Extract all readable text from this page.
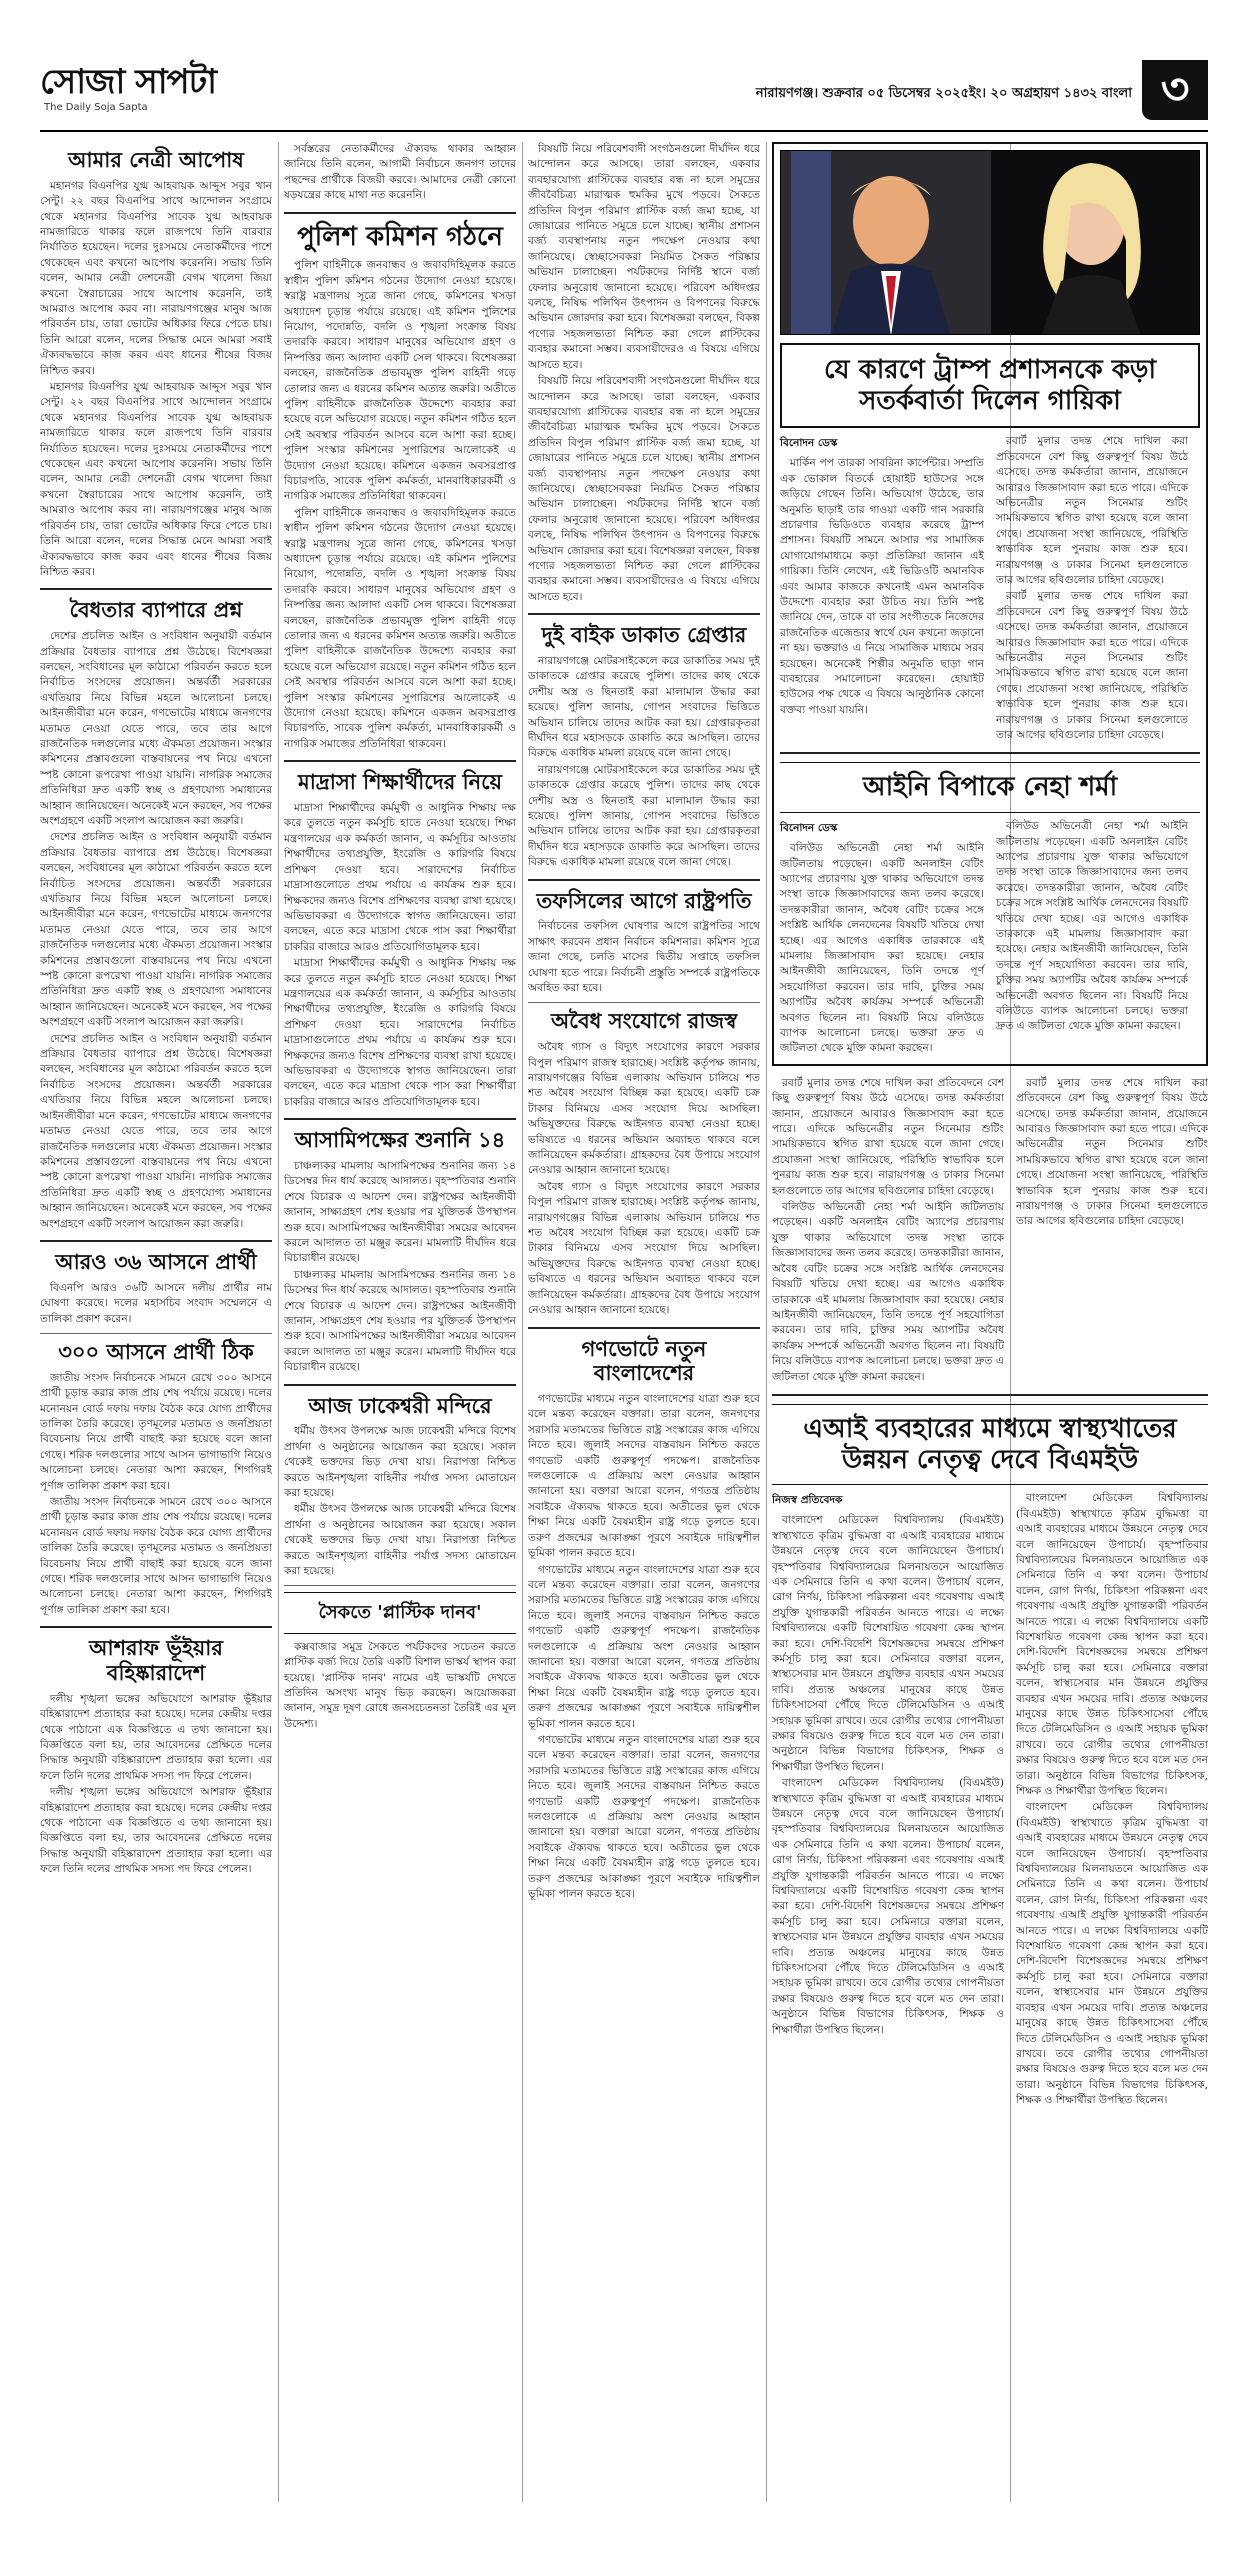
সোজা সাপটা
The Daily Soja Sapta
নারায়ণগঞ্জ। শুক্রবার ০৫ ডিসেম্বর ২০২৫ইং। ২০ অগ্রহায়ণ ১৪৩২ বাংলা ৩
আমার নেত্রী আপোষ

মহানগর বিএনপির যুগ্ম আহবায়ক আব্দুস সবুর খান সেন্টু। ২২ বছর বিএনপির সাথে আন্দোলন সংগ্রামে থেকে মহানগর বিএনপির সাবেক যুগ্ম আহবায়ক নামজারিতে থাকার ফলে রাজপথে তিনি বারবার নির্যাতিত হয়েছেন। দলের দুঃসময়ে নেতাকর্মীদের পাশে থেকেছেন এবং কখনো আপোষ করেননি। সভায় তিনি বলেন, আমার নেত্রী দেশনেত্রী বেগম খালেদা জিয়া কখনো স্বৈরাচারের সাথে আপোষ করেননি, তাই আমরাও আপোষ করব না। নারায়ণগঞ্জের মানুষ আজ পরিবর্তন চায়, তারা ভোটের অধিকার ফিরে পেতে চায়। তিনি আরো বলেন, দলের সিদ্ধান্ত মেনে আমরা সবাই ঐক্যবদ্ধভাবে কাজ করব এবং ধানের শীষের বিজয় নিশ্চিত করব।

মহানগর বিএনপির যুগ্ম আহবায়ক আব্দুস সবুর খান সেন্টু। ২২ বছর বিএনপির সাথে আন্দোলন সংগ্রামে থেকে মহানগর বিএনপির সাবেক যুগ্ম আহবায়ক নামজারিতে থাকার ফলে রাজপথে তিনি বারবার নির্যাতিত হয়েছেন। দলের দুঃসময়ে নেতাকর্মীদের পাশে থেকেছেন এবং কখনো আপোষ করেননি। সভায় তিনি বলেন, আমার নেত্রী দেশনেত্রী বেগম খালেদা জিয়া কখনো স্বৈরাচারের সাথে আপোষ করেননি, তাই আমরাও আপোষ করব না। নারায়ণগঞ্জের মানুষ আজ পরিবর্তন চায়, তারা ভোটের অধিকার ফিরে পেতে চায়। তিনি আরো বলেন, দলের সিদ্ধান্ত মেনে আমরা সবাই ঐক্যবদ্ধভাবে কাজ করব এবং ধানের শীষের বিজয় নিশ্চিত করব।

বৈধতার ব্যাপারে প্রশ্ন

দেশের প্রচলিত আইন ও সংবিধান অনুযায়ী বর্তমান প্রক্রিয়ার বৈধতার ব্যাপারে প্রশ্ন উঠেছে। বিশেষজ্ঞরা বলছেন, সংবিধানের মূল কাঠামো পরিবর্তন করতে হলে নির্বাচিত সংসদের প্রয়োজন। অন্তর্বর্তী সরকারের এখতিয়ার নিয়ে বিভিন্ন মহলে আলোচনা চলছে। আইনজীবীরা মনে করেন, গণভোটের মাধ্যমে জনগণের মতামত নেওয়া যেতে পারে, তবে তার আগে রাজনৈতিক দলগুলোর মধ্যে ঐকমত্য প্রয়োজন। সংস্কার কমিশনের প্রস্তাবগুলো বাস্তবায়নের পথ নিয়ে এখনো স্পষ্ট কোনো রূপরেখা পাওয়া যায়নি। নাগরিক সমাজের প্রতিনিধিরা দ্রুত একটি স্বচ্ছ ও গ্রহণযোগ্য সমাধানের আহ্বান জানিয়েছেন। অনেকেই মনে করছেন, সব পক্ষের অংশগ্রহণে একটি সংলাপ আয়োজন করা জরুরি।

দেশের প্রচলিত আইন ও সংবিধান অনুযায়ী বর্তমান প্রক্রিয়ার বৈধতার ব্যাপারে প্রশ্ন উঠেছে। বিশেষজ্ঞরা বলছেন, সংবিধানের মূল কাঠামো পরিবর্তন করতে হলে নির্বাচিত সংসদের প্রয়োজন। অন্তর্বর্তী সরকারের এখতিয়ার নিয়ে বিভিন্ন মহলে আলোচনা চলছে। আইনজীবীরা মনে করেন, গণভোটের মাধ্যমে জনগণের মতামত নেওয়া যেতে পারে, তবে তার আগে রাজনৈতিক দলগুলোর মধ্যে ঐকমত্য প্রয়োজন। সংস্কার কমিশনের প্রস্তাবগুলো বাস্তবায়নের পথ নিয়ে এখনো স্পষ্ট কোনো রূপরেখা পাওয়া যায়নি। নাগরিক সমাজের প্রতিনিধিরা দ্রুত একটি স্বচ্ছ ও গ্রহণযোগ্য সমাধানের আহ্বান জানিয়েছেন। অনেকেই মনে করছেন, সব পক্ষের অংশগ্রহণে একটি সংলাপ আয়োজন করা জরুরি।

দেশের প্রচলিত আইন ও সংবিধান অনুযায়ী বর্তমান প্রক্রিয়ার বৈধতার ব্যাপারে প্রশ্ন উঠেছে। বিশেষজ্ঞরা বলছেন, সংবিধানের মূল কাঠামো পরিবর্তন করতে হলে নির্বাচিত সংসদের প্রয়োজন। অন্তর্বর্তী সরকারের এখতিয়ার নিয়ে বিভিন্ন মহলে আলোচনা চলছে। আইনজীবীরা মনে করেন, গণভোটের মাধ্যমে জনগণের মতামত নেওয়া যেতে পারে, তবে তার আগে রাজনৈতিক দলগুলোর মধ্যে ঐকমত্য প্রয়োজন। সংস্কার কমিশনের প্রস্তাবগুলো বাস্তবায়নের পথ নিয়ে এখনো স্পষ্ট কোনো রূপরেখা পাওয়া যায়নি। নাগরিক সমাজের প্রতিনিধিরা দ্রুত একটি স্বচ্ছ ও গ্রহণযোগ্য সমাধানের আহ্বান জানিয়েছেন। অনেকেই মনে করছেন, সব পক্ষের অংশগ্রহণে একটি সংলাপ আয়োজন করা জরুরি।

আরও ৩৬ আসনে প্রার্থী

বিএনপি আরও ৩৬টি আসনে দলীয় প্রার্থীর নাম ঘোষণা করেছে। দলের মহাসচিব সংবাদ সম্মেলনে এ তালিকা প্রকাশ করেন।

৩০০ আসনে প্রার্থী ঠিক

জাতীয় সংসদ নির্বাচনকে সামনে রেখে ৩০০ আসনে প্রার্থী চূড়ান্ত করার কাজ প্রায় শেষ পর্যায়ে রয়েছে। দলের মনোনয়ন বোর্ড দফায় দফায় বৈঠক করে যোগ্য প্রার্থীদের তালিকা তৈরি করেছে। তৃণমূলের মতামত ও জনপ্রিয়তা বিবেচনায় নিয়ে প্রার্থী বাছাই করা হয়েছে বলে জানা গেছে। শরিক দলগুলোর সাথে আসন ভাগাভাগি নিয়েও আলোচনা চলছে। নেতারা আশা করছেন, শিগগিরই পূর্ণাঙ্গ তালিকা প্রকাশ করা হবে।

জাতীয় সংসদ নির্বাচনকে সামনে রেখে ৩০০ আসনে প্রার্থী চূড়ান্ত করার কাজ প্রায় শেষ পর্যায়ে রয়েছে। দলের মনোনয়ন বোর্ড দফায় দফায় বৈঠক করে যোগ্য প্রার্থীদের তালিকা তৈরি করেছে। তৃণমূলের মতামত ও জনপ্রিয়তা বিবেচনায় নিয়ে প্রার্থী বাছাই করা হয়েছে বলে জানা গেছে। শরিক দলগুলোর সাথে আসন ভাগাভাগি নিয়েও আলোচনা চলছে। নেতারা আশা করছেন, শিগগিরই পূর্ণাঙ্গ তালিকা প্রকাশ করা হবে।

আশরাফ ভূঁইয়ার বহিষ্কারাদেশ

দলীয় শৃঙ্খলা ভঙ্গের অভিযোগে আশরাফ ভূঁইয়ার বহিষ্কারাদেশ প্রত্যাহার করা হয়েছে। দলের কেন্দ্রীয় দপ্তর থেকে পাঠানো এক বিজ্ঞপ্তিতে এ তথ্য জানানো হয়। বিজ্ঞপ্তিতে বলা হয়, তার আবেদনের প্রেক্ষিতে দলের সিদ্ধান্ত অনুযায়ী বহিষ্কারাদেশ প্রত্যাহার করা হলো। এর ফলে তিনি দলের প্রাথমিক সদস্য পদ ফিরে পেলেন।

দলীয় শৃঙ্খলা ভঙ্গের অভিযোগে আশরাফ ভূঁইয়ার বহিষ্কারাদেশ প্রত্যাহার করা হয়েছে। দলের কেন্দ্রীয় দপ্তর থেকে পাঠানো এক বিজ্ঞপ্তিতে এ তথ্য জানানো হয়। বিজ্ঞপ্তিতে বলা হয়, তার আবেদনের প্রেক্ষিতে দলের সিদ্ধান্ত অনুযায়ী বহিষ্কারাদেশ প্রত্যাহার করা হলো। এর ফলে তিনি দলের প্রাথমিক সদস্য পদ ফিরে পেলেন।

সর্বস্তরের নেতাকর্মীদের ঐক্যবদ্ধ থাকার আহ্বান জানিয়ে তিনি বলেন, আগামী নির্বাচনে জনগণ তাদের পছন্দের প্রার্থীকে বিজয়ী করবে। আমাদের নেত্রী কোনো ষড়যন্ত্রের কাছে মাথা নত করেননি।

পুলিশ কমিশন গঠনে

পুলিশ বাহিনীকে জনবান্ধব ও জবাবদিহিমূলক করতে স্বাধীন পুলিশ কমিশন গঠনের উদ্যোগ নেওয়া হয়েছে। স্বরাষ্ট্র মন্ত্রণালয় সূত্রে জানা গেছে, কমিশনের খসড়া অধ্যাদেশ চূড়ান্ত পর্যায়ে রয়েছে। এই কমিশন পুলিশের নিয়োগ, পদোন্নতি, বদলি ও শৃঙ্খলা সংক্রান্ত বিষয় তদারকি করবে। সাধারণ মানুষের অভিযোগ গ্রহণ ও নিষ্পত্তির জন্য আলাদা একটি সেল থাকবে। বিশেষজ্ঞরা বলছেন, রাজনৈতিক প্রভাবমুক্ত পুলিশ বাহিনী গড়ে তোলার জন্য এ ধরনের কমিশন অত্যন্ত জরুরি। অতীতে পুলিশ বাহিনীকে রাজনৈতিক উদ্দেশ্যে ব্যবহার করা হয়েছে বলে অভিযোগ রয়েছে। নতুন কমিশন গঠিত হলে সেই অবস্থার পরিবর্তন আসবে বলে আশা করা হচ্ছে। পুলিশ সংস্কার কমিশনের সুপারিশের আলোকেই এ উদ্যোগ নেওয়া হয়েছে। কমিশনে একজন অবসরপ্রাপ্ত বিচারপতি, সাবেক পুলিশ কর্মকর্তা, মানবাধিকারকর্মী ও নাগরিক সমাজের প্রতিনিধিরা থাকবেন।

পুলিশ বাহিনীকে জনবান্ধব ও জবাবদিহিমূলক করতে স্বাধীন পুলিশ কমিশন গঠনের উদ্যোগ নেওয়া হয়েছে। স্বরাষ্ট্র মন্ত্রণালয় সূত্রে জানা গেছে, কমিশনের খসড়া অধ্যাদেশ চূড়ান্ত পর্যায়ে রয়েছে। এই কমিশন পুলিশের নিয়োগ, পদোন্নতি, বদলি ও শৃঙ্খলা সংক্রান্ত বিষয় তদারকি করবে। সাধারণ মানুষের অভিযোগ গ্রহণ ও নিষ্পত্তির জন্য আলাদা একটি সেল থাকবে। বিশেষজ্ঞরা বলছেন, রাজনৈতিক প্রভাবমুক্ত পুলিশ বাহিনী গড়ে তোলার জন্য এ ধরনের কমিশন অত্যন্ত জরুরি। অতীতে পুলিশ বাহিনীকে রাজনৈতিক উদ্দেশ্যে ব্যবহার করা হয়েছে বলে অভিযোগ রয়েছে। নতুন কমিশন গঠিত হলে সেই অবস্থার পরিবর্তন আসবে বলে আশা করা হচ্ছে। পুলিশ সংস্কার কমিশনের সুপারিশের আলোকেই এ উদ্যোগ নেওয়া হয়েছে। কমিশনে একজন অবসরপ্রাপ্ত বিচারপতি, সাবেক পুলিশ কর্মকর্তা, মানবাধিকারকর্মী ও নাগরিক সমাজের প্রতিনিধিরা থাকবেন।

মাদ্রাসা শিক্ষার্থীদের নিয়ে

মাদ্রাসা শিক্ষার্থীদের কর্মমুখী ও আধুনিক শিক্ষায় দক্ষ করে তুলতে নতুন কর্মসূচি হাতে নেওয়া হয়েছে। শিক্ষা মন্ত্রণালয়ের এক কর্মকর্তা জানান, এ কর্মসূচির আওতায় শিক্ষার্থীদের তথ্যপ্রযুক্তি, ইংরেজি ও কারিগরি বিষয়ে প্রশিক্ষণ দেওয়া হবে। সারাদেশের নির্বাচিত মাদ্রাসাগুলোতে প্রথম পর্যায়ে এ কার্যক্রম শুরু হবে। শিক্ষকদের জন্যও বিশেষ প্রশিক্ষণের ব্যবস্থা রাখা হয়েছে। অভিভাবকরা এ উদ্যোগকে স্বাগত জানিয়েছেন। তারা বলছেন, এতে করে মাদ্রাসা থেকে পাস করা শিক্ষার্থীরা চাকরির বাজারে আরও প্রতিযোগিতামূলক হবে।

মাদ্রাসা শিক্ষার্থীদের কর্মমুখী ও আধুনিক শিক্ষায় দক্ষ করে তুলতে নতুন কর্মসূচি হাতে নেওয়া হয়েছে। শিক্ষা মন্ত্রণালয়ের এক কর্মকর্তা জানান, এ কর্মসূচির আওতায় শিক্ষার্থীদের তথ্যপ্রযুক্তি, ইংরেজি ও কারিগরি বিষয়ে প্রশিক্ষণ দেওয়া হবে। সারাদেশের নির্বাচিত মাদ্রাসাগুলোতে প্রথম পর্যায়ে এ কার্যক্রম শুরু হবে। শিক্ষকদের জন্যও বিশেষ প্রশিক্ষণের ব্যবস্থা রাখা হয়েছে। অভিভাবকরা এ উদ্যোগকে স্বাগত জানিয়েছেন। তারা বলছেন, এতে করে মাদ্রাসা থেকে পাস করা শিক্ষার্থীরা চাকরির বাজারে আরও প্রতিযোগিতামূলক হবে।

আসামিপক্ষের শুনানি ১৪

চাঞ্চল্যকর মামলায় আসামিপক্ষের শুনানির জন্য ১৪ ডিসেম্বর দিন ধার্য করেছে আদালত। বৃহস্পতিবার শুনানি শেষে বিচারক এ আদেশ দেন। রাষ্ট্রপক্ষের আইনজীবী জানান, সাক্ষ্যগ্রহণ শেষ হওয়ার পর যুক্তিতর্ক উপস্থাপন শুরু হবে। আসামিপক্ষের আইনজীবীরা সময়ের আবেদন করলে আদালত তা মঞ্জুর করেন। মামলাটি দীর্ঘদিন ধরে বিচারাধীন রয়েছে।

চাঞ্চল্যকর মামলায় আসামিপক্ষের শুনানির জন্য ১৪ ডিসেম্বর দিন ধার্য করেছে আদালত। বৃহস্পতিবার শুনানি শেষে বিচারক এ আদেশ দেন। রাষ্ট্রপক্ষের আইনজীবী জানান, সাক্ষ্যগ্রহণ শেষ হওয়ার পর যুক্তিতর্ক উপস্থাপন শুরু হবে। আসামিপক্ষের আইনজীবীরা সময়ের আবেদন করলে আদালত তা মঞ্জুর করেন। মামলাটি দীর্ঘদিন ধরে বিচারাধীন রয়েছে।

আজ ঢাকেশ্বরী মন্দিরে

ধর্মীয় উৎসব উপলক্ষে আজ ঢাকেশ্বরী মন্দিরে বিশেষ প্রার্থনা ও অনুষ্ঠানের আয়োজন করা হয়েছে। সকাল থেকেই ভক্তদের ভিড় দেখা যায়। নিরাপত্তা নিশ্চিত করতে আইনশৃঙ্খলা বাহিনীর পর্যাপ্ত সদস্য মোতায়েন করা হয়েছে।

ধর্মীয় উৎসব উপলক্ষে আজ ঢাকেশ্বরী মন্দিরে বিশেষ প্রার্থনা ও অনুষ্ঠানের আয়োজন করা হয়েছে। সকাল থেকেই ভক্তদের ভিড় দেখা যায়। নিরাপত্তা নিশ্চিত করতে আইনশৃঙ্খলা বাহিনীর পর্যাপ্ত সদস্য মোতায়েন করা হয়েছে।

সৈকতে 'প্লাস্টিক দানব'

কক্সবাজার সমুদ্র সৈকতে পর্যটকদের সচেতন করতে প্লাস্টিক বর্জ্য দিয়ে তৈরি একটি বিশাল ভাস্কর্য স্থাপন করা হয়েছে। 'প্লাস্টিক দানব' নামের এই ভাস্কর্যটি দেখতে প্রতিদিন অসংখ্য মানুষ ভিড় করছেন। আয়োজকরা জানান, সমুদ্র দূষণ রোধে জনসচেতনতা তৈরিই এর মূল উদ্দেশ্য।

বিষয়টি নিয়ে পরিবেশবাদী সংগঠনগুলো দীর্ঘদিন ধরে আন্দোলন করে আসছে। তারা বলছেন, একবার ব্যবহারযোগ্য প্লাস্টিকের ব্যবহার বন্ধ না হলে সমুদ্রের জীববৈচিত্র্য মারাত্মক হুমকির মুখে পড়বে। সৈকতে প্রতিদিন বিপুল পরিমাণ প্লাস্টিক বর্জ্য জমা হচ্ছে, যা জোয়ারের পানিতে সমুদ্রে চলে যাচ্ছে। স্থানীয় প্রশাসন বর্জ্য ব্যবস্থাপনায় নতুন পদক্ষেপ নেওয়ার কথা জানিয়েছে। স্বেচ্ছাসেবকরা নিয়মিত সৈকত পরিষ্কার অভিযান চালাচ্ছেন। পর্যটকদের নির্দিষ্ট স্থানে বর্জ্য ফেলার অনুরোধ জানানো হয়েছে। পরিবেশ অধিদপ্তর বলছে, নিষিদ্ধ পলিথিন উৎপাদন ও বিপণনের বিরুদ্ধে অভিযান জোরদার করা হবে। বিশেষজ্ঞরা বলছেন, বিকল্প পণ্যের সহজলভ্যতা নিশ্চিত করা গেলে প্লাস্টিকের ব্যবহার কমানো সম্ভব। ব্যবসায়ীদেরও এ বিষয়ে এগিয়ে আসতে হবে।

বিষয়টি নিয়ে পরিবেশবাদী সংগঠনগুলো দীর্ঘদিন ধরে আন্দোলন করে আসছে। তারা বলছেন, একবার ব্যবহারযোগ্য প্লাস্টিকের ব্যবহার বন্ধ না হলে সমুদ্রের জীববৈচিত্র্য মারাত্মক হুমকির মুখে পড়বে। সৈকতে প্রতিদিন বিপুল পরিমাণ প্লাস্টিক বর্জ্য জমা হচ্ছে, যা জোয়ারের পানিতে সমুদ্রে চলে যাচ্ছে। স্থানীয় প্রশাসন বর্জ্য ব্যবস্থাপনায় নতুন পদক্ষেপ নেওয়ার কথা জানিয়েছে। স্বেচ্ছাসেবকরা নিয়মিত সৈকত পরিষ্কার অভিযান চালাচ্ছেন। পর্যটকদের নির্দিষ্ট স্থানে বর্জ্য ফেলার অনুরোধ জানানো হয়েছে। পরিবেশ অধিদপ্তর বলছে, নিষিদ্ধ পলিথিন উৎপাদন ও বিপণনের বিরুদ্ধে অভিযান জোরদার করা হবে। বিশেষজ্ঞরা বলছেন, বিকল্প পণ্যের সহজলভ্যতা নিশ্চিত করা গেলে প্লাস্টিকের ব্যবহার কমানো সম্ভব। ব্যবসায়ীদেরও এ বিষয়ে এগিয়ে আসতে হবে।

দুই বাইক ডাকাত গ্রেপ্তার

নারায়ণগঞ্জে মোটরসাইকেলে করে ডাকাতির সময় দুই ডাকাতকে গ্রেপ্তার করেছে পুলিশ। তাদের কাছ থেকে দেশীয় অস্ত্র ও ছিনতাই করা মালামাল উদ্ধার করা হয়েছে। পুলিশ জানায়, গোপন সংবাদের ভিত্তিতে অভিযান চালিয়ে তাদের আটক করা হয়। গ্রেপ্তারকৃতরা দীর্ঘদিন ধরে মহাসড়কে ডাকাতি করে আসছিল। তাদের বিরুদ্ধে একাধিক মামলা রয়েছে বলে জানা গেছে।

নারায়ণগঞ্জে মোটরসাইকেলে করে ডাকাতির সময় দুই ডাকাতকে গ্রেপ্তার করেছে পুলিশ। তাদের কাছ থেকে দেশীয় অস্ত্র ও ছিনতাই করা মালামাল উদ্ধার করা হয়েছে। পুলিশ জানায়, গোপন সংবাদের ভিত্তিতে অভিযান চালিয়ে তাদের আটক করা হয়। গ্রেপ্তারকৃতরা দীর্ঘদিন ধরে মহাসড়কে ডাকাতি করে আসছিল। তাদের বিরুদ্ধে একাধিক মামলা রয়েছে বলে জানা গেছে।

তফসিলের আগে রাষ্ট্রপতি

নির্বাচনের তফসিল ঘোষণার আগে রাষ্ট্রপতির সাথে সাক্ষাৎ করবেন প্রধান নির্বাচন কমিশনার। কমিশন সূত্রে জানা গেছে, চলতি মাসের দ্বিতীয় সপ্তাহে তফসিল ঘোষণা হতে পারে। নির্বাচনী প্রস্তুতি সম্পর্কে রাষ্ট্রপতিকে অবহিত করা হবে।

অবৈধ সংযোগে রাজস্ব

অবৈধ গ্যাস ও বিদ্যুৎ সংযোগের কারণে সরকার বিপুল পরিমাণ রাজস্ব হারাচ্ছে। সংশ্লিষ্ট কর্তৃপক্ষ জানায়, নারায়ণগঞ্জের বিভিন্ন এলাকায় অভিযান চালিয়ে শত শত অবৈধ সংযোগ বিচ্ছিন্ন করা হয়েছে। একটি চক্র টাকার বিনিময়ে এসব সংযোগ দিয়ে আসছিল। অভিযুক্তদের বিরুদ্ধে আইনগত ব্যবস্থা নেওয়া হচ্ছে। ভবিষ্যতে এ ধরনের অভিযান অব্যাহত থাকবে বলে জানিয়েছেন কর্মকর্তারা। গ্রাহকদের বৈধ উপায়ে সংযোগ নেওয়ার আহ্বান জানানো হয়েছে।

অবৈধ গ্যাস ও বিদ্যুৎ সংযোগের কারণে সরকার বিপুল পরিমাণ রাজস্ব হারাচ্ছে। সংশ্লিষ্ট কর্তৃপক্ষ জানায়, নারায়ণগঞ্জের বিভিন্ন এলাকায় অভিযান চালিয়ে শত শত অবৈধ সংযোগ বিচ্ছিন্ন করা হয়েছে। একটি চক্র টাকার বিনিময়ে এসব সংযোগ দিয়ে আসছিল। অভিযুক্তদের বিরুদ্ধে আইনগত ব্যবস্থা নেওয়া হচ্ছে। ভবিষ্যতে এ ধরনের অভিযান অব্যাহত থাকবে বলে জানিয়েছেন কর্মকর্তারা। গ্রাহকদের বৈধ উপায়ে সংযোগ নেওয়ার আহ্বান জানানো হয়েছে।

গণভোটে নতুন বাংলাদেশের

গণভোটের মাধ্যমে নতুন বাংলাদেশের যাত্রা শুরু হবে বলে মন্তব্য করেছেন বক্তারা। তারা বলেন, জনগণের সরাসরি মতামতের ভিত্তিতে রাষ্ট্র সংস্কারের কাজ এগিয়ে নিতে হবে। জুলাই সনদের বাস্তবায়ন নিশ্চিত করতে গণভোট একটি গুরুত্বপূর্ণ পদক্ষেপ। রাজনৈতিক দলগুলোকে এ প্রক্রিয়ায় অংশ নেওয়ার আহ্বান জানানো হয়। বক্তারা আরো বলেন, গণতন্ত্র প্রতিষ্ঠায় সবাইকে ঐক্যবদ্ধ থাকতে হবে। অতীতের ভুল থেকে শিক্ষা নিয়ে একটি বৈষম্যহীন রাষ্ট্র গড়ে তুলতে হবে। তরুণ প্রজন্মের আকাঙ্ক্ষা পূরণে সবাইকে দায়িত্বশীল ভূমিকা পালন করতে হবে।

গণভোটের মাধ্যমে নতুন বাংলাদেশের যাত্রা শুরু হবে বলে মন্তব্য করেছেন বক্তারা। তারা বলেন, জনগণের সরাসরি মতামতের ভিত্তিতে রাষ্ট্র সংস্কারের কাজ এগিয়ে নিতে হবে। জুলাই সনদের বাস্তবায়ন নিশ্চিত করতে গণভোট একটি গুরুত্বপূর্ণ পদক্ষেপ। রাজনৈতিক দলগুলোকে এ প্রক্রিয়ায় অংশ নেওয়ার আহ্বান জানানো হয়। বক্তারা আরো বলেন, গণতন্ত্র প্রতিষ্ঠায় সবাইকে ঐক্যবদ্ধ থাকতে হবে। অতীতের ভুল থেকে শিক্ষা নিয়ে একটি বৈষম্যহীন রাষ্ট্র গড়ে তুলতে হবে। তরুণ প্রজন্মের আকাঙ্ক্ষা পূরণে সবাইকে দায়িত্বশীল ভূমিকা পালন করতে হবে।

গণভোটের মাধ্যমে নতুন বাংলাদেশের যাত্রা শুরু হবে বলে মন্তব্য করেছেন বক্তারা। তারা বলেন, জনগণের সরাসরি মতামতের ভিত্তিতে রাষ্ট্র সংস্কারের কাজ এগিয়ে নিতে হবে। জুলাই সনদের বাস্তবায়ন নিশ্চিত করতে গণভোট একটি গুরুত্বপূর্ণ পদক্ষেপ। রাজনৈতিক দলগুলোকে এ প্রক্রিয়ায় অংশ নেওয়ার আহ্বান জানানো হয়। বক্তারা আরো বলেন, গণতন্ত্র প্রতিষ্ঠায় সবাইকে ঐক্যবদ্ধ থাকতে হবে। অতীতের ভুল থেকে শিক্ষা নিয়ে একটি বৈষম্যহীন রাষ্ট্র গড়ে তুলতে হবে। তরুণ প্রজন্মের আকাঙ্ক্ষা পূরণে সবাইকে দায়িত্বশীল ভূমিকা পালন করতে হবে।

যে কারণে ট্রাম্প প্রশাসনকে কড়া সতর্কবার্তা দিলেন গায়িকা
বিনোদন ডেস্ক

মার্কিন পপ তারকা সাবরিনা কার্পেন্টার। সম্প্রতি এক ভোকাল বিতর্কে হোয়াইট হাউসের সঙ্গে জড়িয়ে গেছেন তিনি। অভিযোগ উঠেছে, তার অনুমতি ছাড়াই তার গাওয়া একটি গান সরকারি প্রচারণার ভিডিওতে ব্যবহার করেছে ট্রাম্প প্রশাসন। বিষয়টি সামনে আসার পর সামাজিক যোগাযোগমাধ্যমে কড়া প্রতিক্রিয়া জানান এই গায়িকা। তিনি লেখেন, এই ভিডিওটি অমানবিক এবং আমার কাজকে কখনোই এমন অমানবিক উদ্দেশ্যে ব্যবহার করা উচিত নয়। তিনি স্পষ্ট জানিয়ে দেন, তাকে বা তার সংগীতকে নিজেদের রাজনৈতিক এজেন্ডার স্বার্থে যেন কখনো জড়ানো না হয়। ভক্তরাও এ নিয়ে সামাজিক মাধ্যমে সরব হয়েছেন। অনেকেই শিল্পীর অনুমতি ছাড়া গান ব্যবহারের সমালোচনা করেছেন। হোয়াইট হাউসের পক্ষ থেকে এ বিষয়ে আনুষ্ঠানিক কোনো বক্তব্য পাওয়া যায়নি।

রবার্ট মুলার তদন্ত শেষে দাখিল করা প্রতিবেদনে বেশ কিছু গুরুত্বপূর্ণ বিষয় উঠে এসেছে। তদন্ত কর্মকর্তারা জানান, প্রয়োজনে আবারও জিজ্ঞাসাবাদ করা হতে পারে। এদিকে অভিনেত্রীর নতুন সিনেমার শুটিং সাময়িকভাবে স্থগিত রাখা হয়েছে বলে জানা গেছে। প্রযোজনা সংস্থা জানিয়েছে, পরিস্থিতি স্বাভাবিক হলে পুনরায় কাজ শুরু হবে। নারায়ণগঞ্জ ও ঢাকার সিনেমা হলগুলোতে তার আগের ছবিগুলোর চাহিদা বেড়েছে।

রবার্ট মুলার তদন্ত শেষে দাখিল করা প্রতিবেদনে বেশ কিছু গুরুত্বপূর্ণ বিষয় উঠে এসেছে। তদন্ত কর্মকর্তারা জানান, প্রয়োজনে আবারও জিজ্ঞাসাবাদ করা হতে পারে। এদিকে অভিনেত্রীর নতুন সিনেমার শুটিং সাময়িকভাবে স্থগিত রাখা হয়েছে বলে জানা গেছে। প্রযোজনা সংস্থা জানিয়েছে, পরিস্থিতি স্বাভাবিক হলে পুনরায় কাজ শুরু হবে। নারায়ণগঞ্জ ও ঢাকার সিনেমা হলগুলোতে তার আগের ছবিগুলোর চাহিদা বেড়েছে।

আইনি বিপাকে নেহা শর্মা
বিনোদন ডেস্ক

বলিউড অভিনেত্রী নেহা শর্মা আইনি জটিলতায় পড়েছেন। একটি অনলাইন বেটিং অ্যাপের প্রচারণায় যুক্ত থাকার অভিযোগে তদন্ত সংস্থা তাকে জিজ্ঞাসাবাদের জন্য তলব করেছে। তদন্তকারীরা জানান, অবৈধ বেটিং চক্রের সঙ্গে সংশ্লিষ্ট আর্থিক লেনদেনের বিষয়টি খতিয়ে দেখা হচ্ছে। এর আগেও একাধিক তারকাকে এই মামলায় জিজ্ঞাসাবাদ করা হয়েছে। নেহার আইনজীবী জানিয়েছেন, তিনি তদন্তে পূর্ণ সহযোগিতা করবেন। তার দাবি, চুক্তির সময় অ্যাপটির অবৈধ কার্যক্রম সম্পর্কে অভিনেত্রী অবগত ছিলেন না। বিষয়টি নিয়ে বলিউডে ব্যাপক আলোচনা চলছে। ভক্তরা দ্রুত এ জটিলতা থেকে মুক্তি কামনা করছেন।

বলিউড অভিনেত্রী নেহা শর্মা আইনি জটিলতায় পড়েছেন। একটি অনলাইন বেটিং অ্যাপের প্রচারণায় যুক্ত থাকার অভিযোগে তদন্ত সংস্থা তাকে জিজ্ঞাসাবাদের জন্য তলব করেছে। তদন্তকারীরা জানান, অবৈধ বেটিং চক্রের সঙ্গে সংশ্লিষ্ট আর্থিক লেনদেনের বিষয়টি খতিয়ে দেখা হচ্ছে। এর আগেও একাধিক তারকাকে এই মামলায় জিজ্ঞাসাবাদ করা হয়েছে। নেহার আইনজীবী জানিয়েছেন, তিনি তদন্তে পূর্ণ সহযোগিতা করবেন। তার দাবি, চুক্তির সময় অ্যাপটির অবৈধ কার্যক্রম সম্পর্কে অভিনেত্রী অবগত ছিলেন না। বিষয়টি নিয়ে বলিউডে ব্যাপক আলোচনা চলছে। ভক্তরা দ্রুত এ জটিলতা থেকে মুক্তি কামনা করছেন।

রবার্ট মুলার তদন্ত শেষে দাখিল করা প্রতিবেদনে বেশ কিছু গুরুত্বপূর্ণ বিষয় উঠে এসেছে। তদন্ত কর্মকর্তারা জানান, প্রয়োজনে আবারও জিজ্ঞাসাবাদ করা হতে পারে। এদিকে অভিনেত্রীর নতুন সিনেমার শুটিং সাময়িকভাবে স্থগিত রাখা হয়েছে বলে জানা গেছে। প্রযোজনা সংস্থা জানিয়েছে, পরিস্থিতি স্বাভাবিক হলে পুনরায় কাজ শুরু হবে। নারায়ণগঞ্জ ও ঢাকার সিনেমা হলগুলোতে তার আগের ছবিগুলোর চাহিদা বেড়েছে।

বলিউড অভিনেত্রী নেহা শর্মা আইনি জটিলতায় পড়েছেন। একটি অনলাইন বেটিং অ্যাপের প্রচারণায় যুক্ত থাকার অভিযোগে তদন্ত সংস্থা তাকে জিজ্ঞাসাবাদের জন্য তলব করেছে। তদন্তকারীরা জানান, অবৈধ বেটিং চক্রের সঙ্গে সংশ্লিষ্ট আর্থিক লেনদেনের বিষয়টি খতিয়ে দেখা হচ্ছে। এর আগেও একাধিক তারকাকে এই মামলায় জিজ্ঞাসাবাদ করা হয়েছে। নেহার আইনজীবী জানিয়েছেন, তিনি তদন্তে পূর্ণ সহযোগিতা করবেন। তার দাবি, চুক্তির সময় অ্যাপটির অবৈধ কার্যক্রম সম্পর্কে অভিনেত্রী অবগত ছিলেন না। বিষয়টি নিয়ে বলিউডে ব্যাপক আলোচনা চলছে। ভক্তরা দ্রুত এ জটিলতা থেকে মুক্তি কামনা করছেন।

রবার্ট মুলার তদন্ত শেষে দাখিল করা প্রতিবেদনে বেশ কিছু গুরুত্বপূর্ণ বিষয় উঠে এসেছে। তদন্ত কর্মকর্তারা জানান, প্রয়োজনে আবারও জিজ্ঞাসাবাদ করা হতে পারে। এদিকে অভিনেত্রীর নতুন সিনেমার শুটিং সাময়িকভাবে স্থগিত রাখা হয়েছে বলে জানা গেছে। প্রযোজনা সংস্থা জানিয়েছে, পরিস্থিতি স্বাভাবিক হলে পুনরায় কাজ শুরু হবে। নারায়ণগঞ্জ ও ঢাকার সিনেমা হলগুলোতে তার আগের ছবিগুলোর চাহিদা বেড়েছে।

এআই ব্যবহারের মাধ্যমে স্বাস্থ্যখাতের উন্নয়ন নেতৃত্ব দেবে বিএমইউ
নিজস্ব প্রতিবেদক

বাংলাদেশ মেডিকেল বিশ্ববিদ্যালয় (বিএমইউ) স্বাস্থ্যখাতে কৃত্রিম বুদ্ধিমত্তা বা এআই ব্যবহারের মাধ্যমে উন্নয়নে নেতৃত্ব দেবে বলে জানিয়েছেন উপাচার্য। বৃহস্পতিবার বিশ্ববিদ্যালয়ের মিলনায়তনে আয়োজিত এক সেমিনারে তিনি এ কথা বলেন। উপাচার্য বলেন, রোগ নির্ণয়, চিকিৎসা পরিকল্পনা এবং গবেষণায় এআই প্রযুক্তি যুগান্তকারী পরিবর্তন আনতে পারে। এ লক্ষ্যে বিশ্ববিদ্যালয়ে একটি বিশেষায়িত গবেষণা কেন্দ্র স্থাপন করা হবে। দেশি-বিদেশি বিশেষজ্ঞদের সমন্বয়ে প্রশিক্ষণ কর্মসূচি চালু করা হবে। সেমিনারে বক্তারা বলেন, স্বাস্থ্যসেবার মান উন্নয়নে প্রযুক্তির ব্যবহার এখন সময়ের দাবি। প্রত্যন্ত অঞ্চলের মানুষের কাছে উন্নত চিকিৎসাসেবা পৌঁছে দিতে টেলিমেডিসিন ও এআই সহায়ক ভূমিকা রাখবে। তবে রোগীর তথ্যের গোপনীয়তা রক্ষার বিষয়েও গুরুত্ব দিতে হবে বলে মত দেন তারা। অনুষ্ঠানে বিভিন্ন বিভাগের চিকিৎসক, শিক্ষক ও শিক্ষার্থীরা উপস্থিত ছিলেন।

বাংলাদেশ মেডিকেল বিশ্ববিদ্যালয় (বিএমইউ) স্বাস্থ্যখাতে কৃত্রিম বুদ্ধিমত্তা বা এআই ব্যবহারের মাধ্যমে উন্নয়নে নেতৃত্ব দেবে বলে জানিয়েছেন উপাচার্য। বৃহস্পতিবার বিশ্ববিদ্যালয়ের মিলনায়তনে আয়োজিত এক সেমিনারে তিনি এ কথা বলেন। উপাচার্য বলেন, রোগ নির্ণয়, চিকিৎসা পরিকল্পনা এবং গবেষণায় এআই প্রযুক্তি যুগান্তকারী পরিবর্তন আনতে পারে। এ লক্ষ্যে বিশ্ববিদ্যালয়ে একটি বিশেষায়িত গবেষণা কেন্দ্র স্থাপন করা হবে। দেশি-বিদেশি বিশেষজ্ঞদের সমন্বয়ে প্রশিক্ষণ কর্মসূচি চালু করা হবে। সেমিনারে বক্তারা বলেন, স্বাস্থ্যসেবার মান উন্নয়নে প্রযুক্তির ব্যবহার এখন সময়ের দাবি। প্রত্যন্ত অঞ্চলের মানুষের কাছে উন্নত চিকিৎসাসেবা পৌঁছে দিতে টেলিমেডিসিন ও এআই সহায়ক ভূমিকা রাখবে। তবে রোগীর তথ্যের গোপনীয়তা রক্ষার বিষয়েও গুরুত্ব দিতে হবে বলে মত দেন তারা। অনুষ্ঠানে বিভিন্ন বিভাগের চিকিৎসক, শিক্ষক ও শিক্ষার্থীরা উপস্থিত ছিলেন।

বাংলাদেশ মেডিকেল বিশ্ববিদ্যালয় (বিএমইউ) স্বাস্থ্যখাতে কৃত্রিম বুদ্ধিমত্তা বা এআই ব্যবহারের মাধ্যমে উন্নয়নে নেতৃত্ব দেবে বলে জানিয়েছেন উপাচার্য। বৃহস্পতিবার বিশ্ববিদ্যালয়ের মিলনায়তনে আয়োজিত এক সেমিনারে তিনি এ কথা বলেন। উপাচার্য বলেন, রোগ নির্ণয়, চিকিৎসা পরিকল্পনা এবং গবেষণায় এআই প্রযুক্তি যুগান্তকারী পরিবর্তন আনতে পারে। এ লক্ষ্যে বিশ্ববিদ্যালয়ে একটি বিশেষায়িত গবেষণা কেন্দ্র স্থাপন করা হবে। দেশি-বিদেশি বিশেষজ্ঞদের সমন্বয়ে প্রশিক্ষণ কর্মসূচি চালু করা হবে। সেমিনারে বক্তারা বলেন, স্বাস্থ্যসেবার মান উন্নয়নে প্রযুক্তির ব্যবহার এখন সময়ের দাবি। প্রত্যন্ত অঞ্চলের মানুষের কাছে উন্নত চিকিৎসাসেবা পৌঁছে দিতে টেলিমেডিসিন ও এআই সহায়ক ভূমিকা রাখবে। তবে রোগীর তথ্যের গোপনীয়তা রক্ষার বিষয়েও গুরুত্ব দিতে হবে বলে মত দেন তারা। অনুষ্ঠানে বিভিন্ন বিভাগের চিকিৎসক, শিক্ষক ও শিক্ষার্থীরা উপস্থিত ছিলেন।

বাংলাদেশ মেডিকেল বিশ্ববিদ্যালয় (বিএমইউ) স্বাস্থ্যখাতে কৃত্রিম বুদ্ধিমত্তা বা এআই ব্যবহারের মাধ্যমে উন্নয়নে নেতৃত্ব দেবে বলে জানিয়েছেন উপাচার্য। বৃহস্পতিবার বিশ্ববিদ্যালয়ের মিলনায়তনে আয়োজিত এক সেমিনারে তিনি এ কথা বলেন। উপাচার্য বলেন, রোগ নির্ণয়, চিকিৎসা পরিকল্পনা এবং গবেষণায় এআই প্রযুক্তি যুগান্তকারী পরিবর্তন আনতে পারে। এ লক্ষ্যে বিশ্ববিদ্যালয়ে একটি বিশেষায়িত গবেষণা কেন্দ্র স্থাপন করা হবে। দেশি-বিদেশি বিশেষজ্ঞদের সমন্বয়ে প্রশিক্ষণ কর্মসূচি চালু করা হবে। সেমিনারে বক্তারা বলেন, স্বাস্থ্যসেবার মান উন্নয়নে প্রযুক্তির ব্যবহার এখন সময়ের দাবি। প্রত্যন্ত অঞ্চলের মানুষের কাছে উন্নত চিকিৎসাসেবা পৌঁছে দিতে টেলিমেডিসিন ও এআই সহায়ক ভূমিকা রাখবে। তবে রোগীর তথ্যের গোপনীয়তা রক্ষার বিষয়েও গুরুত্ব দিতে হবে বলে মত দেন তারা। অনুষ্ঠানে বিভিন্ন বিভাগের চিকিৎসক, শিক্ষক ও শিক্ষার্থীরা উপস্থিত ছিলেন।
